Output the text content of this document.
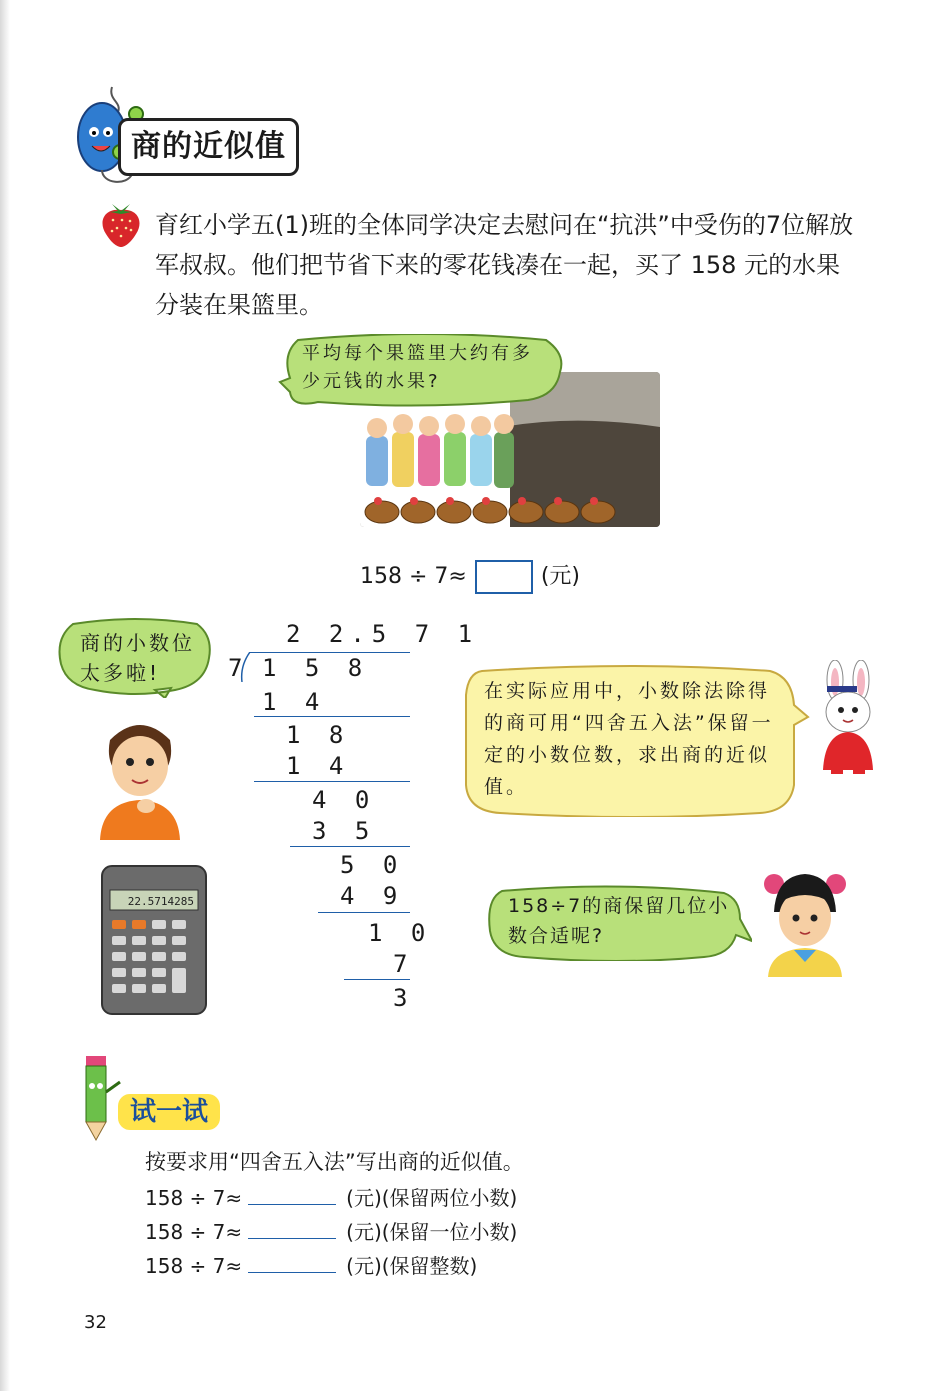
商的近似值
育红小学五(1)班的全体同学决定去慰问在“抗洪”中受伤的7位解放军叔叔。他们把节省下来的零花钱凑在一起，买了 158 元的水果分装在果篮里。
平均每个果篮里大约有多少元钱的水果?
158 ÷ 7≈	(元)
2 2.5 7 1
7 1 5 8
1 4
1 8
1 4
4 0
3 5
5 0
4 9
1 0
7
3
商的小数位太多啦!
在实际应用中，小数除法除得的商可用“四舍五入法”保留一定的小数位数，求出商的近似值。
22.5714285	158÷7的商保留几位小数合适呢?
试一试
按要求用“四舍五入法”写出商的近似值。
158 ÷ 7≈	(元)(保留两位小数)
158 ÷ 7≈	(元)(保留一位小数)
158 ÷ 7≈	(元)(保留整数)
32
